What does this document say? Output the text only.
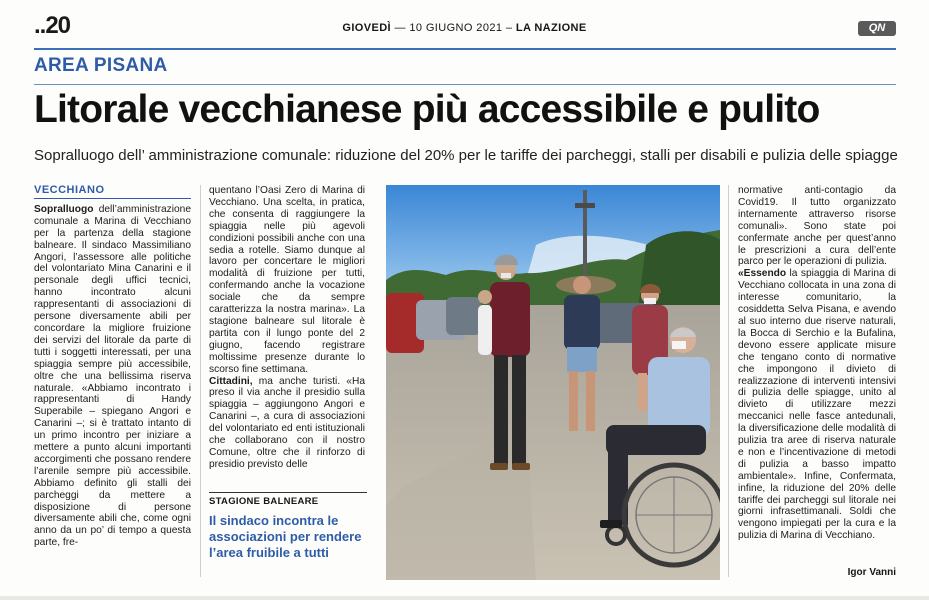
..20	GIOVEDÌ — 10 GIUGNO 2021 – LA NAZIONE	QN
AREA PISANA
Litorale vecchianese più accessibile e pulito
Sopralluogo dell’ amministrazione comunale: riduzione del 20% per le tariffe dei parcheggi, stalli per disabili e pulizia delle spiagge
VECCHIANO

Sopralluogo dell’amministrazione comunale a Marina di Vecchiano per la partenza della stagione balneare. Il sindaco Massimiliano Angori, l’assessore alle politiche del volontariato Mina Canarini e il personale degli uffici tecnici, hanno incontrato alcuni rappresentanti di associazioni di persone diversamente abili per concordare la migliore fruizione dei servizi del litorale da parte di tutti i soggetti interessati, per una spiaggia sempre più accessibile, oltre che una bellissima riserva naturale. «Abbiamo incontrato i rappresentanti di Handy Superabile – spiegano Angori e Canarini –; si è trattato intanto di un primo incontro per iniziare a mettere a punto alcuni importanti accorgimenti che possano rendere l’arenile sempre più accessibile. Abbiamo definito gli stalli dei parcheggi da mettere a disposizione di persone diversamente abili che, come ogni anno da un po’ di tempo a questa parte, fre-

quentano l’Oasi Zero di Marina di Vecchiano. Una scelta, in pratica, che consenta di raggiungere la spiaggia nelle più agevoli condizioni possibili anche con una sedia a rotelle. Siamo dunque al lavoro per concertare le migliori modalità di fruizione per tutti, confermando anche la vocazione sociale che da sempre caratterizza la nostra marina». La stagione balneare sul litorale è partita con il lungo ponte del 2 giugno, facendo registrare moltissime presenze durante lo scorso fine settimana.
Cittadini, ma anche turisti. «Ha preso il via anche il presidio sulla spiaggia – aggiungono Angori e Canarini –, a cura di associazioni del volontariato ed enti istituzionali che collaborano con il nostro Comune, oltre che il rinforzo di presidio previsto delle

STAGIONE BALNEARE
Il sindaco incontra le associazioni per rendere l’area fruibile a tutti

normative anti-contagio da Covid19. Il tutto organizzato internamente attraverso risorse comunali». Sono state poi confermate anche per quest’anno le prescrizioni a cura dell’ente parco per le operazioni di pulizia.
«Essendo la spiaggia di Marina di Vecchiano collocata in una zona di interesse comunitario, la cosiddetta Selva Pisana, e avendo al suo interno due riserve naturali, la Bocca di Serchio e la Bufalina, devono essere applicate misure che tengano conto di normative che impongono il divieto di realizzazione di interventi intensivi di pulizia delle spiagge, unito al divieto di utilizzare mezzi meccanici nelle fasce antedunali, la diversificazione delle modalità di pulizia tra aree di riserva naturale e non e l’incentivazione di metodi di pulizia a basso impatto ambientale». Infine, Confermata, infine, la riduzione del 20% delle tariffe dei parcheggi sul litorale nei giorni infrasettimanali. Soldi che vengono impiegati per la cura e la pulizia di Marina di Vecchiano.

Igor Vanni
